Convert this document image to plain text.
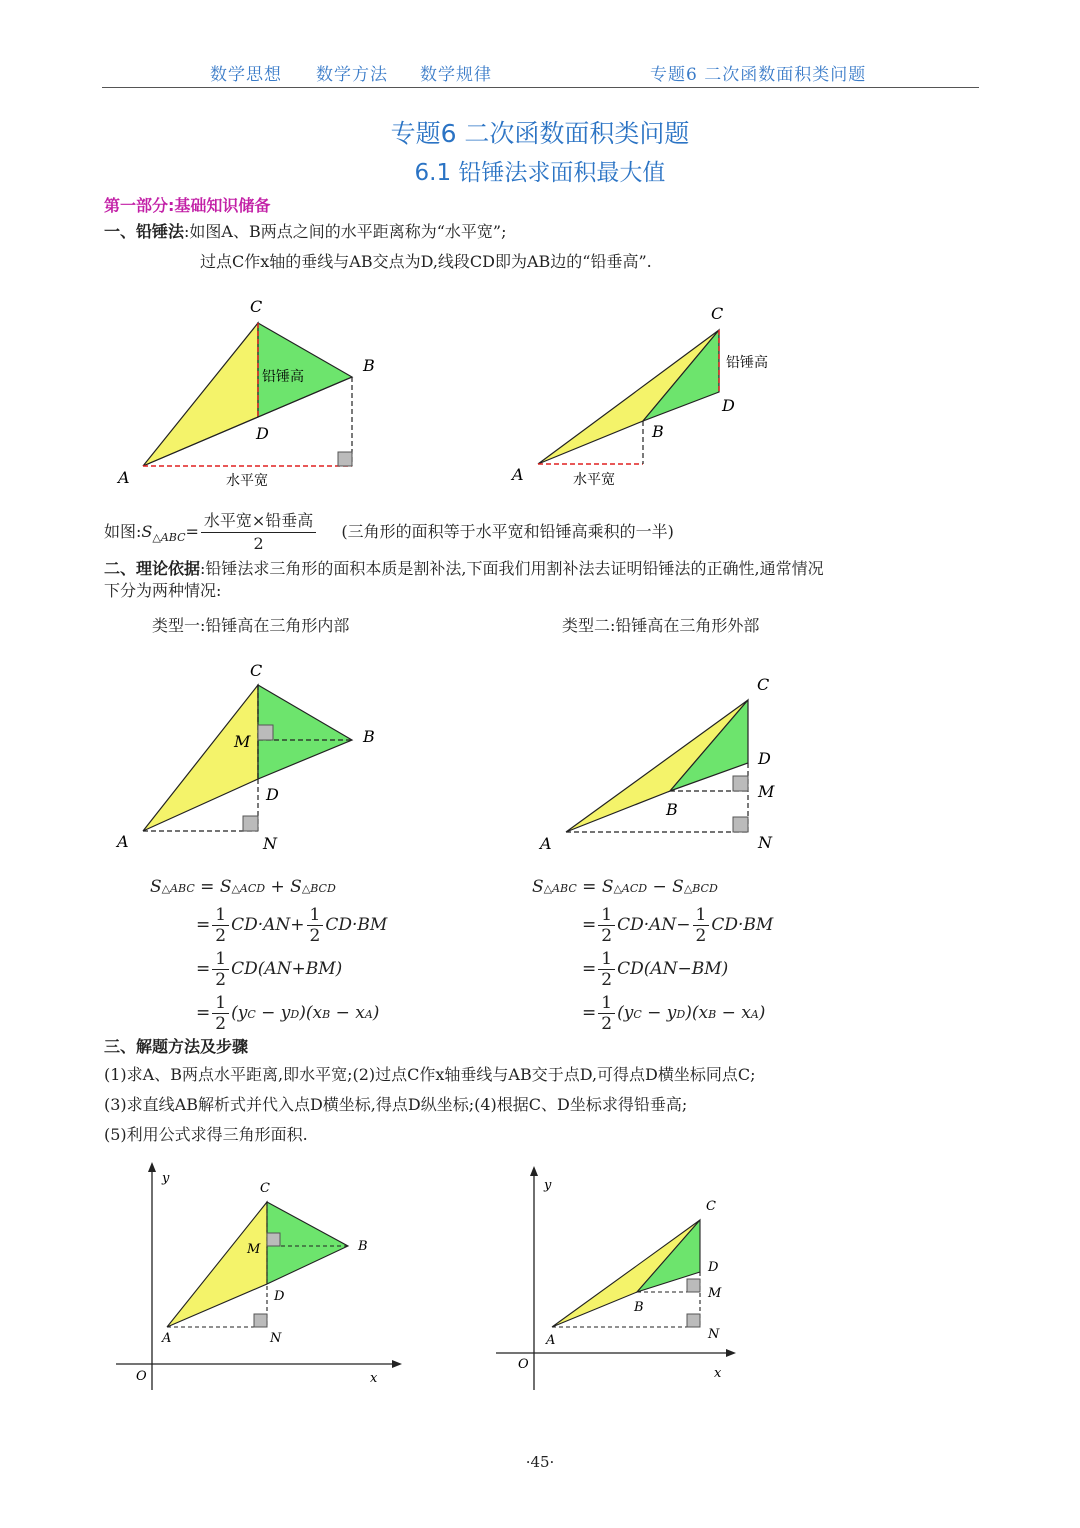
数学思想 数学方法 数学规律	专题6 二次函数面积类问题
专题6 二次函数面积类问题
6.1 铅锤法求面积最大值
第一部分:基础知识储备
一、铅锤法:如图A、B两点之间的水平距离称为“水平宽”;
过点C作x轴的垂线与AB交点为D,线段CD即为AB边的“铅垂高”.
C
B
D
A
铅锤高
水平宽
C
D
B
A
铅锤高
水平宽
如图$:S_{\triangle ABC}= \frac{\text{水平宽×铅垂高}}{2}$ (三角形的面积等于水平宽和铅锤高乘积的一半)
二、理论依据:铅锤法求三角形的面积本质是割补法,下面我们用割补法去证明铅锤法的正确性,通常情况
下分为两种情况:
类型一:铅锤高在三角形内部	类型二:铅锤高在三角形外部
C
B
M
D
A	N
C
D
M
B
A	N
S△ABC = S△ACD + S△BCD
= $\frac{1}{2} CD\cdot AN+ \frac{1}{2} CD\cdot BM$
= $\frac{1}{2} CD(AN+BM)$
= $\frac{1}{2} (yC - yD)(xB - xA)$
S△ABC = S△ACD − S△BCD
= $\frac{1}{2} CD\cdot AN- \frac{1}{2} CD\cdot BM$
= $\frac{1}{2} CD(AN-BM)$
= $\frac{1}{2} (yC - yD)(xB - xA)$
三、解题方法及步骤
(1)求A、B两点水平距离,即水平宽;(2)过点C作x轴垂线与AB交于点D,可得点D横坐标同点C;
(3)求直线AB解析式并代入点D横坐标,得点D纵坐标;(4)根据C、D坐标求得铅垂高;
(5)利用公式求得三角形面积.
y
x
O
C
B
M
D
A	N
y
x
O
C
D
M
B
A	N
·45·
